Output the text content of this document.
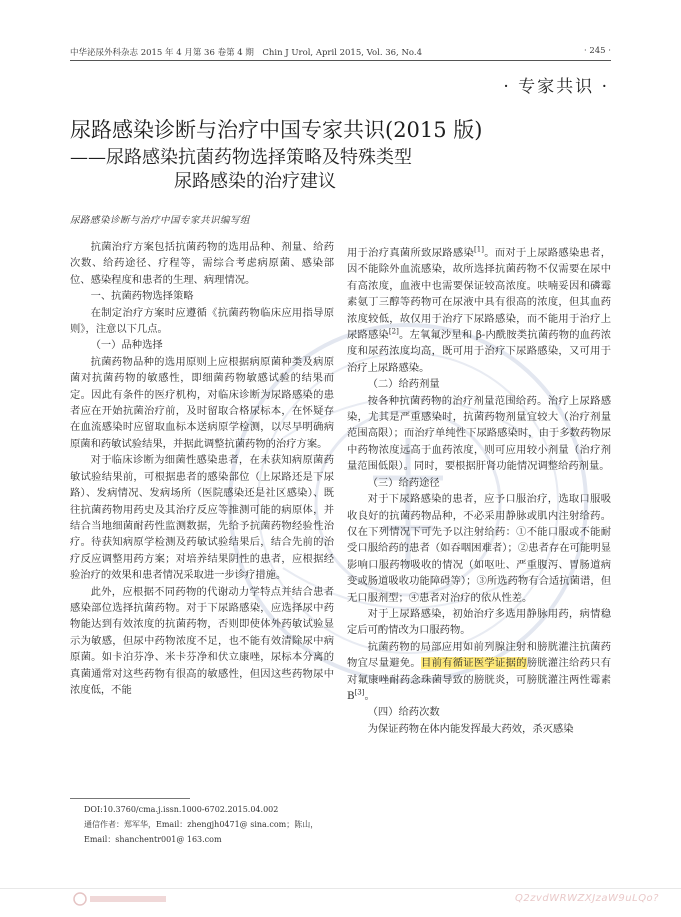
中华泌尿外科杂志 2015 年 4 月第 36 卷第 4 期　Chin J Urol, April 2015, Vol. 36, No.4	· 245 ·
· 专家共识 ·
尿路感染诊断与治疗中国专家共识(2015 版)
——尿路感染抗菌药物选择策略及特殊类型
尿路感染的治疗建议
尿路感染诊断与治疗中国专家共识编写组

抗菌治疗方案包括抗菌药物的选用品种、剂量、给药次数、给药途径、疗程等，需综合考虑病原菌、感染部位、感染程度和患者的生理、病理情况。

一、抗菌药物选择策略

在制定治疗方案时应遵循《抗菌药物临床应用指导原则》，注意以下几点。

（一）品种选择

抗菌药物品种的选用原则上应根据病原菌种类及病原菌对抗菌药物的敏感性，即细菌药物敏感试验的结果而定。因此有条件的医疗机构，对临床诊断为尿路感染的患者应在开始抗菌治疗前，及时留取合格尿标本，在怀疑存在血流感染时应留取血标本送病原学检测，以尽早明确病原菌和药敏试验结果，并据此调整抗菌药物的治疗方案。

对于临床诊断为细菌性感染患者，在未获知病原菌药敏试验结果前，可根据患者的感染部位（上尿路还是下尿路）、发病情况、发病场所（医院感染还是社区感染）、既往抗菌药物用药史及其治疗反应等推测可能的病原体，并结合当地细菌耐药性监测数据，先给予抗菌药物经验性治疗。待获知病原学检测及药敏试验结果后，结合先前的治疗反应调整用药方案；对培养结果阴性的患者，应根据经验治疗的效果和患者情况采取进一步诊疗措施。

此外，应根据不同药物的代谢动力学特点并结合患者感染部位选择抗菌药物。对于下尿路感染，应选择尿中药物能达到有效浓度的抗菌药物，否则即使体外药敏试验显示为敏感，但尿中药物浓度不足，也不能有效清除尿中病原菌。如卡泊芬净、米卡芬净和伏立康唑，尿标本分离的真菌通常对这些药物有很高的敏感性，但因这些药物尿中浓度低，不能

用于治疗真菌所致尿路感染[1]。而对于上尿路感染患者，因不能除外血流感染，故所选择抗菌药物不仅需要在尿中有高浓度，血液中也需要保证较高浓度。呋喃妥因和磷霉素氨丁三醇等药物可在尿液中具有很高的浓度，但其血药浓度较低，故仅用于治疗下尿路感染，而不能用于治疗上尿路感染[2]。左氧氟沙星和 β-内酰胺类抗菌药物的血药浓度和尿药浓度均高，既可用于治疗下尿路感染，又可用于治疗上尿路感染。

（二）给药剂量

按各种抗菌药物的治疗剂量范围给药。治疗上尿路感染，尤其是严重感染时，抗菌药物剂量宜较大（治疗剂量范围高限）；而治疗单纯性下尿路感染时，由于多数药物尿中药物浓度远高于血药浓度，则可应用较小剂量（治疗剂量范围低限）。同时，要根据肝肾功能情况调整给药剂量。

（三）给药途径

对于下尿路感染的患者，应予口服治疗，选取口服吸收良好的抗菌药物品种，不必采用静脉或肌内注射给药。仅在下列情况下可先予以注射给药：①不能口服或不能耐受口服给药的患者（如吞咽困难者）；②患者存在可能明显影响口服药物吸收的情况（如呕吐、严重腹泻、胃肠道病变或肠道吸收功能障碍等）；③所选药物有合适抗菌谱，但无口服剂型；④患者对治疗的依从性差。

对于上尿路感染，初始治疗多选用静脉用药，病情稳定后可酌情改为口服药物。

抗菌药物的局部应用如前列腺注射和膀胱灌注抗菌药物宜尽量避免。目前有循证医学证据的膀胱灌注给药只有对氟康唑耐药念珠菌导致的膀胱炎，可膀胱灌注两性霉素 B[3]。

（四）给药次数

为保证药物在体内能发挥最大药效，杀灭感染

DOI:10.3760/cma.j.issn.1000-6702.2015.04.002
通信作者：郑军华，Email：zhengjh0471@ sina.com；陈山，Email：shanchentr001@ 163.com
Q2zvdWRWZXJzaW9uLQo?
